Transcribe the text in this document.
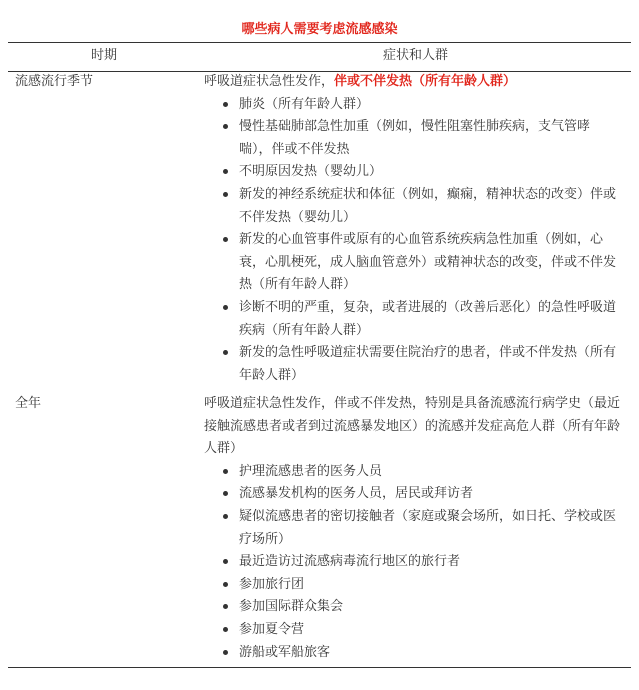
哪些病人需要考虑流感感染
时期	症状和人群
流感流行季节	呼吸道症状急性发作，伴或不伴发热（所有年龄人群）

肺炎（所有年龄人群）
慢性基础肺部急性加重（例如，慢性阻塞性肺疾病，支气管哮喘），伴或不伴发热
不明原因发热（婴幼儿）
新发的神经系统症状和体征（例如，癫痫，精神状态的改变）伴或不伴发热（婴幼儿）
新发的心血管事件或原有的心血管系统疾病急性加重（例如，心衰，心肌梗死，成人脑血管意外）或精神状态的改变，伴或不伴发热（所有年龄人群）
诊断不明的严重，复杂，或者进展的（改善后恶化）的急性呼吸道疾病（所有年龄人群）
新发的急性呼吸道症状需要住院治疗的患者，伴或不伴发热（所有年龄人群）
全年	呼吸道症状急性发作，伴或不伴发热，特别是具备流感流行病学史（最近接触流感患者或者到过流感暴发地区）的流感并发症高危人群（所有年龄人群）

护理流感患者的医务人员
流感暴发机构的医务人员，居民或拜访者
疑似流感患者的密切接触者（家庭或聚会场所，如日托、学校或医疗场所）
最近造访过流感病毒流行地区的旅行者
参加旅行团
参加国际群众集会
参加夏令营
游船或军船旅客
